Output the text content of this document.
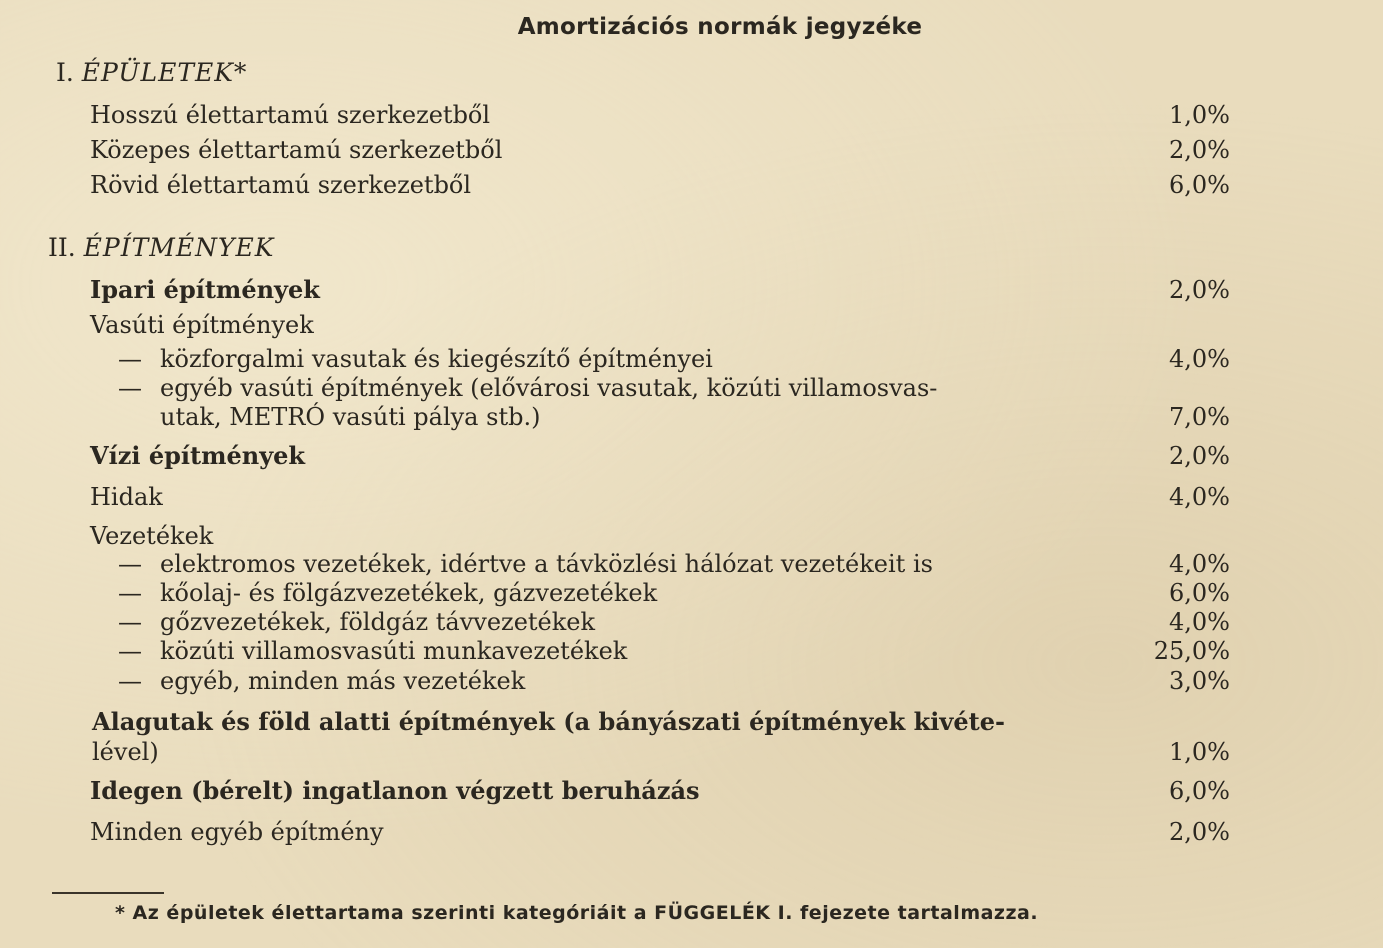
Amortizációs normák jegyzéke
I. ÉPÜLETEK*
Hosszú élettartamú szerkezetből	1,0%
Közepes élettartamú szerkezetből	2,0%
Rövid élettartamú szerkezetből	6,0%
II. ÉPÍTMÉNYEK
Ipari építmények	2,0%
Vasúti építmények
— közforgalmi vasutak és kiegészítő építményei	4,0%
— egyéb vasúti építmények (elővárosi vasutak, közúti villamosvas-
utak, METRÓ vasúti pálya stb.)	7,0%
Vízi építmények	2,0%
Hidak	4,0%
Vezetékek
— elektromos vezetékek, idértve a távközlési hálózat vezetékeit is	4,0%
— kőolaj- és fölgázvezetékek, gázvezetékek	6,0%
— gőzvezetékek, földgáz távvezetékek	4,0%
— közúti villamosvasúti munkavezetékek	25,0%
— egyéb, minden más vezetékek	3,0%
Alagutak és föld alatti építmények (a bányászati építmények kivéte-
lével)	1,0%
Idegen (bérelt) ingatlanon végzett beruházás	6,0%
Minden egyéb építmény	2,0%
* Az épületek élettartama szerinti kategóriáit a FÜGGELÉK I. fejezete tartalmazza.
